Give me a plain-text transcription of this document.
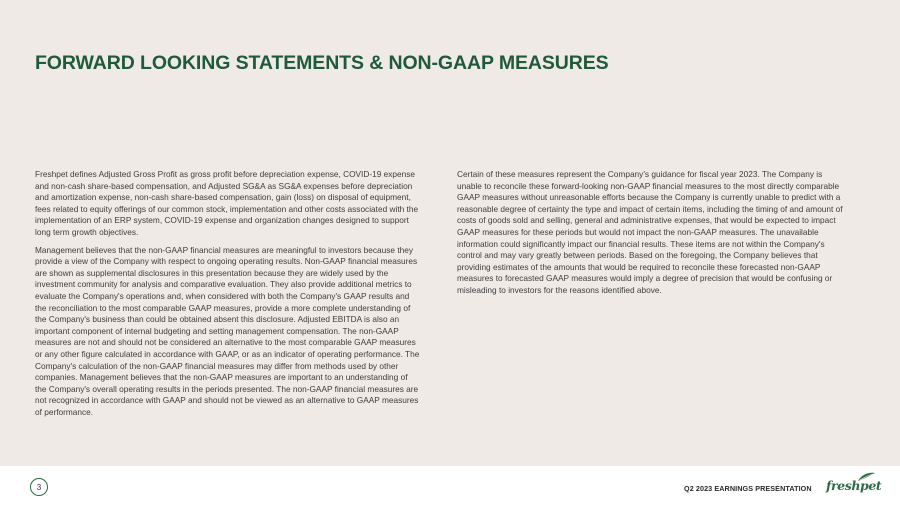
FORWARD LOOKING STATEMENTS & NON-GAAP MEASURES

Freshpet defines Adjusted Gross Profit as gross profit before depreciation expense, COVID-19 expense and non-cash share-based compensation, and Adjusted SG&A as SG&A expenses before depreciation and amortization expense, non-cash share-based compensation, gain (loss) on disposal of equipment, fees related to equity offerings of our common stock, implementation and other costs associated with the implementation of an ERP system, COVID-19 expense and organization changes designed to support long term growth objectives.

Management believes that the non-GAAP financial measures are meaningful to investors because they provide a view of the Company with respect to ongoing operating results. Non-GAAP financial measures are shown as supplemental disclosures in this presentation because they are widely used by the investment community for analysis and comparative evaluation. They also provide additional metrics to evaluate the Company's operations and, when considered with both the Company's GAAP results and the reconciliation to the most comparable GAAP measures, provide a more complete understanding of the Company's business than could be obtained absent this disclosure. Adjusted EBITDA is also an important component of internal budgeting and setting management compensation. The non-GAAP measures are not and should not be considered an alternative to the most comparable GAAP measures or any other figure calculated in accordance with GAAP, or as an indicator of operating performance. The Company's calculation of the non-GAAP financial measures may differ from methods used by other companies. Management believes that the non-GAAP measures are important to an understanding of the Company's overall operating results in the periods presented. The non-GAAP financial measures are not recognized in accordance with GAAP and should not be viewed as an alternative to GAAP measures of performance.

Certain of these measures represent the Company's guidance for fiscal year 2023. The Company is unable to reconcile these forward-looking non-GAAP financial measures to the most directly comparable GAAP measures without unreasonable efforts because the Company is currently unable to predict with a reasonable degree of certainty the type and impact of certain items, including the timing of and amount of costs of goods sold and selling, general and administrative expenses, that would be expected to impact GAAP measures for these periods but would not impact the non-GAAP measures. The unavailable information could significantly impact our financial results. These items are not within the Company's control and may vary greatly between periods. Based on the foregoing, the Company believes that providing estimates of the amounts that would be required to reconcile these forecasted non-GAAP measures to forecasted GAAP measures would imply a degree of precision that would be confusing or misleading to investors for the reasons identified above.

3	Q2 2023 EARNINGS PRESENTATION freshpet
